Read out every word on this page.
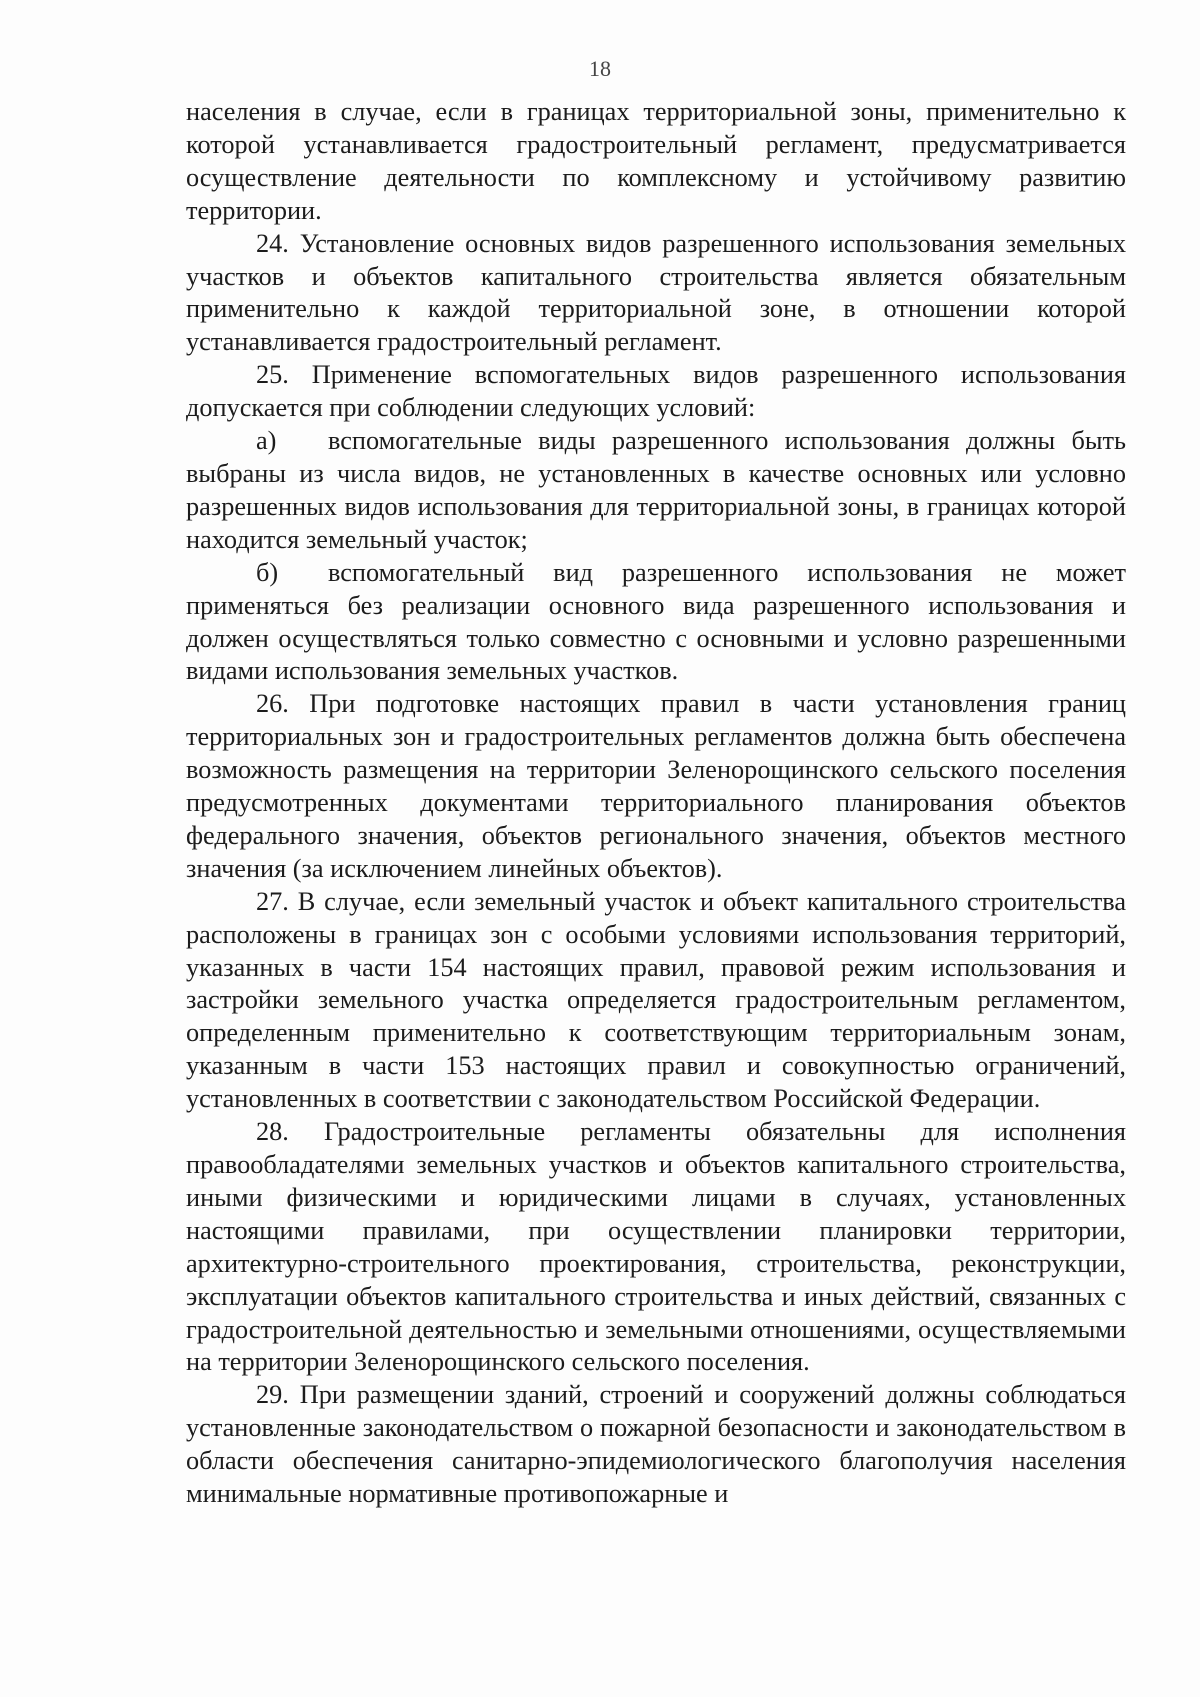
18

населения в случае, если в границах территориальной зоны, применительно к которой устанавливается градостроительный регламент, предусматривается осуществление деятельности по комплексному и устойчивому развитию территории.

24. Установление основных видов разрешенного использования земельных участков и объектов капитального строительства является обязательным применительно к каждой территориальной зоне, в отношении которой устанавливается градостроительный регламент.

25. Применение вспомогательных видов разрешенного использования допускается при соблюдении следующих условий:

а) вспомогательные виды разрешенного использования должны быть выбраны из числа видов, не установленных в качестве основных или условно разрешенных видов использования для территориальной зоны, в границах которой находится земельный участок;

б) вспомогательный вид разрешенного использования не может применяться без реализации основного вида разрешенного использования и должен осуществляться только совместно с основными и условно разрешенными видами использования земельных участков.

26. При подготовке настоящих правил в части установления границ территориальных зон и градостроительных регламентов должна быть обеспечена возможность размещения на территории Зеленорощинского сельского поселения предусмотренных документами территориального планирования объектов федерального значения, объектов регионального значения, объектов местного значения (за исключением линейных объектов).

27. В случае, если земельный участок и объект капитального строительства расположены в границах зон с особыми условиями использования территорий, указанных в части 154 настоящих правил, правовой режим использования и застройки земельного участка определяется градостроительным регламентом, определенным применительно к соответствующим территориальным зонам, указанным в части 153 настоящих правил и совокупностью ограничений, установленных в соответствии с законодательством Российской Федерации.

28. Градостроительные регламенты обязательны для исполнения правообладателями земельных участков и объектов капитального строительства, иными физическими и юридическими лицами в случаях, установленных настоящими правилами, при осуществлении планировки территории, архитектурно-строительного проектирования, строительства, реконструкции, эксплуатации объектов капитального строительства и иных действий, связанных с градостроительной деятельностью и земельными отношениями, осуществляемыми на территории Зеленорощинского сельского поселения.

29. При размещении зданий, строений и сооружений должны соблюдаться установленные законодательством о пожарной безопасности и законодательством в области обеспечения санитарно-эпидемиологического благополучия населения минимальные нормативные противопожарные и
